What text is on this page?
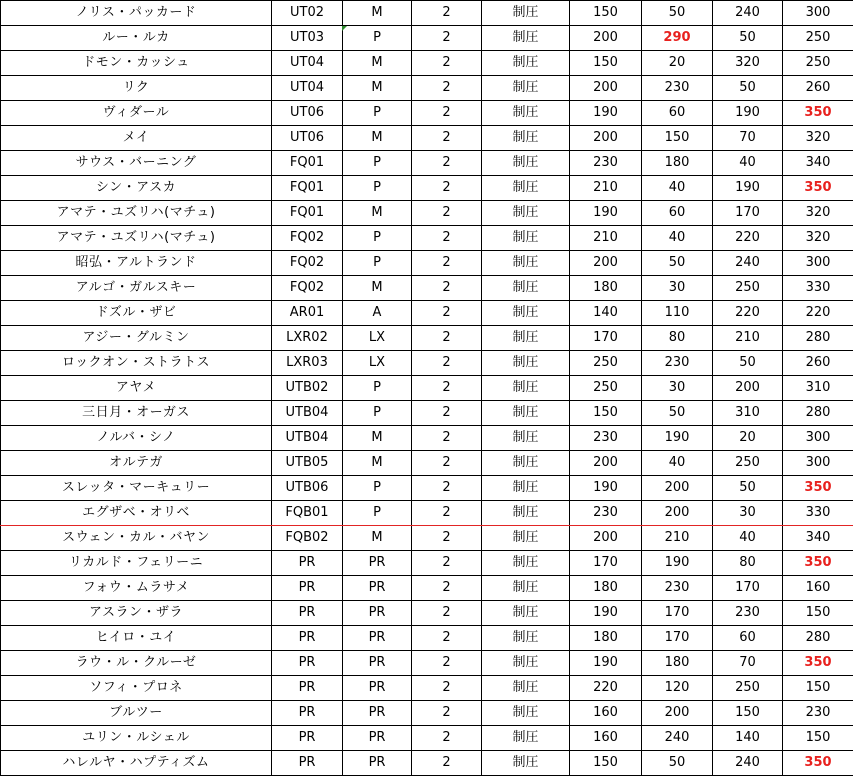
ノリス・パッカード	UT02	M	2	制圧	150	50	240	300
ルー・ルカ	UT03	P	2	制圧	200	290	50	250
ドモン・カッシュ	UT04	M	2	制圧	150	20	320	250
リク	UT04	M	2	制圧	200	230	50	260
ヴィダール	UT06	P	2	制圧	190	60	190	350
メイ	UT06	M	2	制圧	200	150	70	320
サウス・バーニング	FQ01	P	2	制圧	230	180	40	340
シン・アスカ	FQ01	P	2	制圧	210	40	190	350
アマテ・ユズリハ(マチュ)	FQ01	M	2	制圧	190	60	170	320
アマテ・ユズリハ(マチュ)	FQ02	P	2	制圧	210	40	220	320
昭弘・アルトランド	FQ02	P	2	制圧	200	50	240	300
アルゴ・ガルスキー	FQ02	M	2	制圧	180	30	250	330
ドズル・ザビ	AR01	A	2	制圧	140	110	220	220
アジー・グルミン	LXR02	LX	2	制圧	170	80	210	280
ロックオン・ストラトス	LXR03	LX	2	制圧	250	230	50	260
アヤメ	UTB02	P	2	制圧	250	30	200	310
三日月・オーガス	UTB04	P	2	制圧	150	50	310	280
ノルバ・シノ	UTB04	M	2	制圧	230	190	20	300
オルテガ	UTB05	M	2	制圧	200	40	250	300
スレッタ・マーキュリー	UTB06	P	2	制圧	190	200	50	350
エグザベ・オリベ	FQB01	P	2	制圧	230	200	30	330
スウェン・カル・バヤン	FQB02	M	2	制圧	200	210	40	340
リカルド・フェリーニ	PR	PR	2	制圧	170	190	80	350
フォウ・ムラサメ	PR	PR	2	制圧	180	230	170	160
アスラン・ザラ	PR	PR	2	制圧	190	170	230	150
ヒイロ・ユイ	PR	PR	2	制圧	180	170	60	280
ラウ・ル・クルーゼ	PR	PR	2	制圧	190	180	70	350
ソフィ・プロネ	PR	PR	2	制圧	220	120	250	150
ブルツー	PR	PR	2	制圧	160	200	150	230
ユリン・ルシェル	PR	PR	2	制圧	160	240	140	150
ハレルヤ・ハプティズム	PR	PR	2	制圧	150	50	240	350
